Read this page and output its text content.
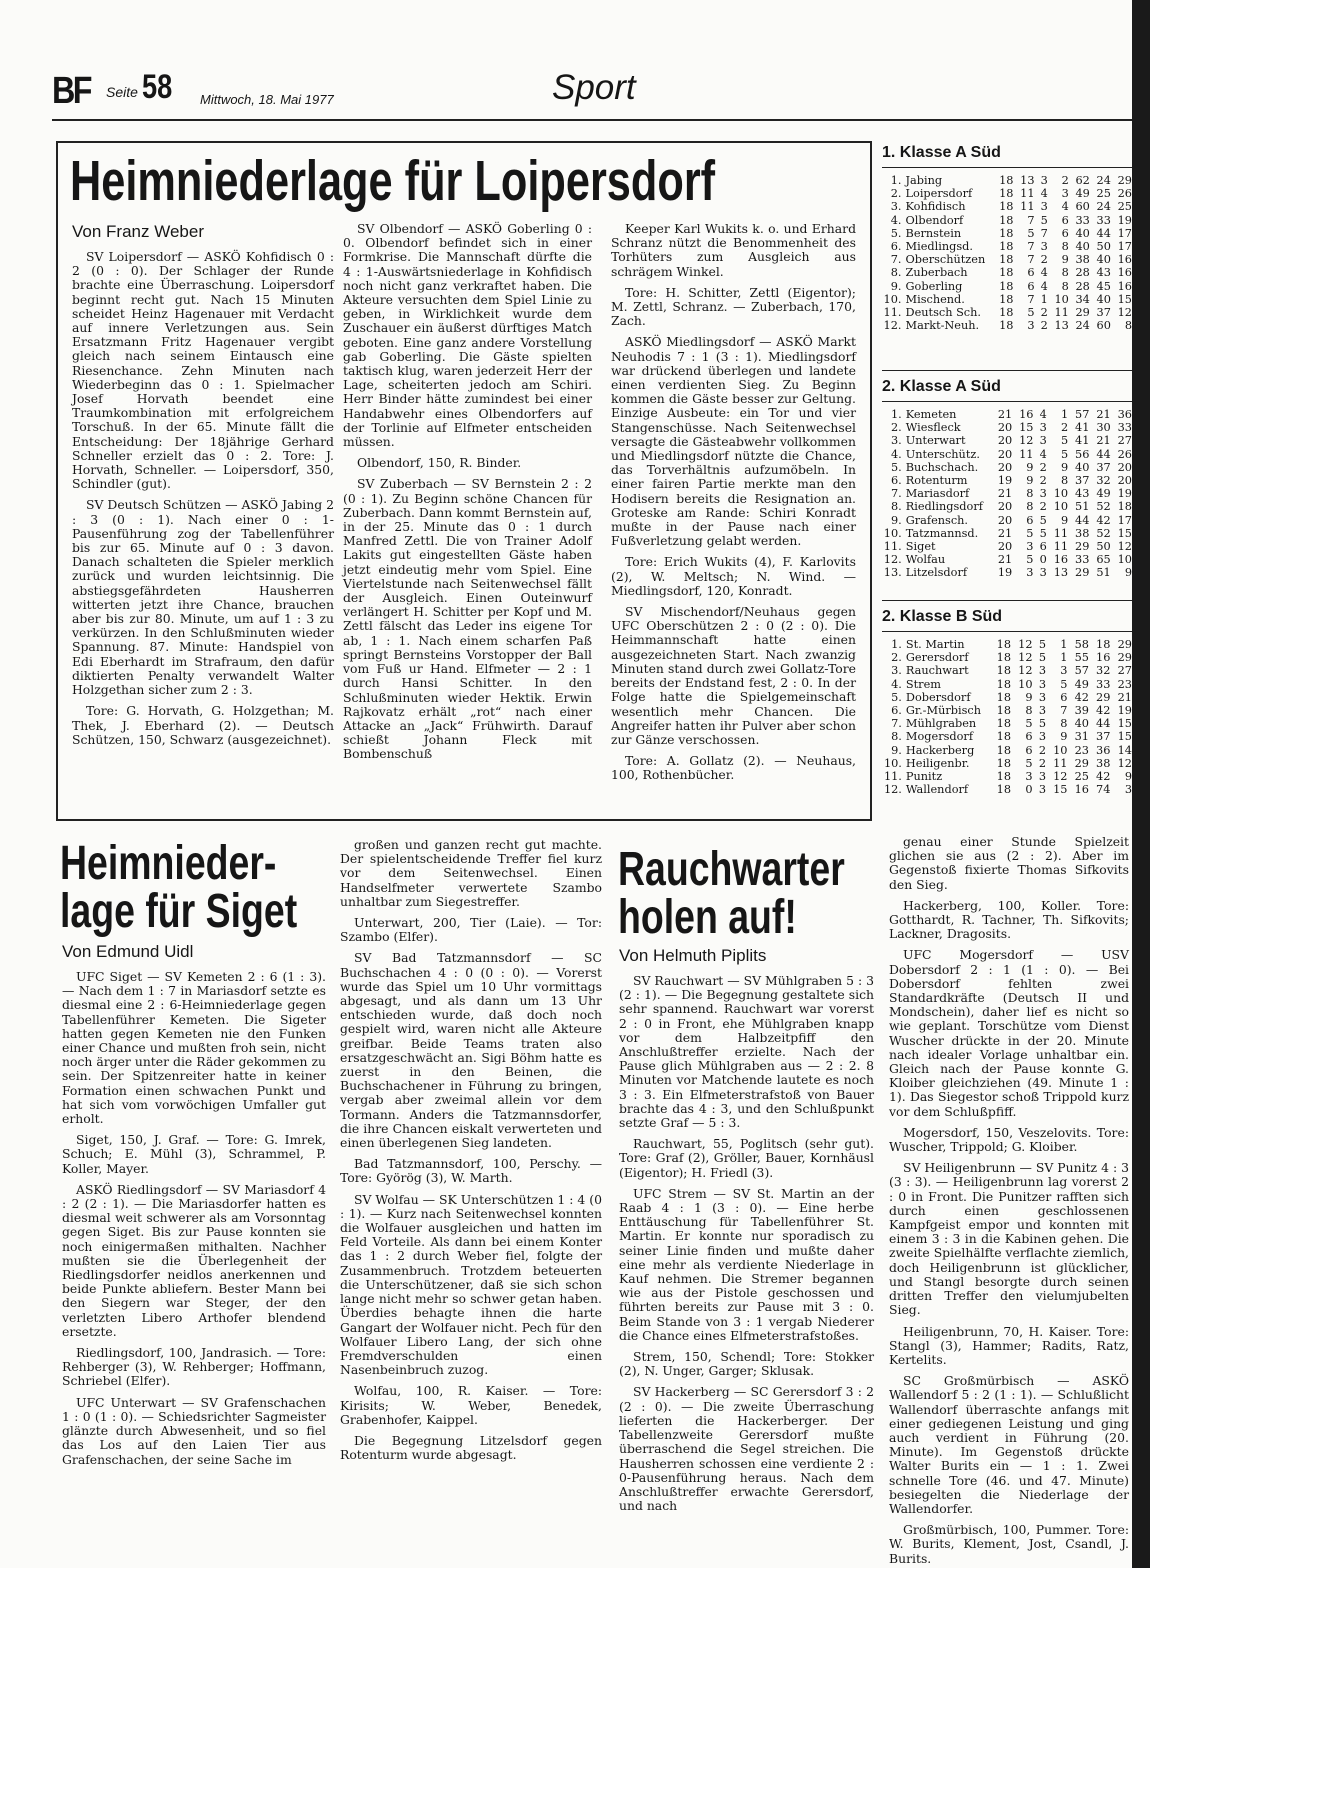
BF Seite 58 Mittwoch, 18. Mai 1977	Sport
Heimniederlage für Loipersdorf
Von Franz Weber

SV Loipersdorf — ASKÖ Kohfidisch 0 : 2 (0 : 0). Der Schlager der Runde brachte eine Überraschung. Loipersdorf beginnt recht gut. Nach 15 Minuten scheidet Heinz Hagenauer mit Verdacht auf innere Verletzungen aus. Sein Ersatzmann Fritz Hagenauer vergibt gleich nach seinem Eintausch eine Riesenchance. Zehn Minuten nach Wiederbeginn das 0 : 1. Spielmacher Josef Horvath beendet eine Traumkombination mit erfolgreichem Torschuß. In der 65. Minute fällt die Entscheidung: Der 18jährige Gerhard Schneller erzielt das 0 : 2. Tore: J. Horvath, Schneller. — Loipersdorf, 350, Schindler (gut).

SV Deutsch Schützen — ASKÖ Jabing 2 : 3 (0 : 1). Nach einer 0 : 1-Pausenführung zog der Tabellenführer bis zur 65. Minute auf 0 : 3 davon. Danach schalteten die Spieler merklich zurück und wurden leichtsinnig. Die abstiegsgefährdeten Hausherren witterten jetzt ihre Chance, brauchen aber bis zur 80. Minute, um auf 1 : 3 zu verkürzen. In den Schlußminuten wieder Spannung. 87. Minute: Handspiel von Edi Eberhardt im Strafraum, den dafür diktierten Penalty verwandelt Walter Holzgethan sicher zum 2 : 3.

Tore: G. Horvath, G. Holzgethan; M. Thek, J. Eberhard (2). — Deutsch Schützen, 150, Schwarz (ausgezeichnet).

SV Olbendorf — ASKÖ Goberling 0 : 0. Olbendorf befindet sich in einer Formkrise. Die Mannschaft dürfte die 4 : 1-Auswärtsniederlage in Kohfidisch noch nicht ganz verkraftet haben. Die Akteure versuchten dem Spiel Linie zu geben, in Wirklichkeit wurde dem Zuschauer ein äußerst dürftiges Match geboten. Eine ganz andere Vorstellung gab Goberling. Die Gäste spielten taktisch klug, waren jederzeit Herr der Lage, scheiterten jedoch am Schiri. Herr Binder hätte zumindest bei einer Handabwehr eines Olbendorfers auf der Torlinie auf Elfmeter entscheiden müssen.

Olbendorf, 150, R. Binder.

SV Zuberbach — SV Bernstein 2 : 2 (0 : 1). Zu Beginn schöne Chancen für Zuberbach. Dann kommt Bernstein auf, in der 25. Minute das 0 : 1 durch Manfred Zettl. Die von Trainer Adolf Lakits gut eingestellten Gäste haben jetzt eindeutig mehr vom Spiel. Eine Viertelstunde nach Seitenwechsel fällt der Ausgleich. Einen Outeinwurf verlängert H. Schitter per Kopf und M. Zettl fälscht das Leder ins eigene Tor ab, 1 : 1. Nach einem scharfen Paß springt Bernsteins Vorstopper der Ball vom Fuß ur Hand. Elfmeter — 2 : 1 durch Hansi Schitter. In den Schlußminuten wieder Hektik. Erwin Rajkovatz erhält „rot“ nach einer Attacke an „Jack“ Frühwirth. Darauf schießt Johann Fleck mit Bombenschuß

Keeper Karl Wukits k. o. und Erhard Schranz nützt die Benommenheit des Torhüters zum Ausgleich aus schrägem Winkel.

Tore: H. Schitter, Zettl (Eigentor); M. Zettl, Schranz. — Zuberbach, 170, Zach.

ASKÖ Miedlingsdorf — ASKÖ Markt Neuhodis 7 : 1 (3 : 1). Miedlingsdorf war drückend überlegen und landete einen verdienten Sieg. Zu Beginn kommen die Gäste besser zur Geltung. Einzige Ausbeute: ein Tor und vier Stangenschüsse. Nach Seitenwechsel versagte die Gästeabwehr vollkommen und Miedlingsdorf nützte die Chance, das Torverhältnis aufzumöbeln. In einer fairen Partie merkte man den Hodisern bereits die Resignation an. Groteske am Rande: Schiri Konradt mußte in der Pause nach einer Fußverletzung gelabt werden.

Tore: Erich Wukits (4), F. Karlovits (2), W. Meltsch; N. Wind. — Miedlingsdorf, 120, Konradt.

SV Mischendorf/Neuhaus gegen UFC Oberschützen 2 : 0 (2 : 0). Die Heimmannschaft hatte einen ausgezeichneten Start. Nach zwanzig Minuten stand durch zwei Gollatz-Tore bereits der Endstand fest, 2 : 0. In der Folge hatte die Spielgemeinschaft wesentlich mehr Chancen. Die Angreifer hatten ihr Pulver aber schon zur Gänze verschossen.

Tore: A. Gollatz (2). — Neuhaus, 100, Rothenbücher.

Heimnieder-
lage für Siget
Von Edmund Uidl

UFC Siget — SV Kemeten 2 : 6 (1 : 3). — Nach dem 1 : 7 in Mariasdorf setzte es diesmal eine 2 : 6-Heimniederlage gegen Tabellenführer Kemeten. Die Sigeter hatten gegen Kemeten nie den Funken einer Chance und mußten froh sein, nicht noch ärger unter die Räder gekommen zu sein. Der Spitzenreiter hatte in keiner Formation einen schwachen Punkt und hat sich vom vorwöchigen Umfaller gut erholt.

Siget, 150, J. Graf. — Tore: G. Imrek, Schuch; E. Mühl (3), Schrammel, P. Koller, Mayer.

ASKÖ Riedlingsdorf — SV Mariasdorf 4 : 2 (2 : 1). — Die Mariasdorfer hatten es diesmal weit schwerer als am Vorsonntag gegen Siget. Bis zur Pause konnten sie noch einigermaßen mithalten. Nachher mußten sie die Überlegenheit der Riedlingsdorfer neidlos anerkennen und beide Punkte abliefern. Bester Mann bei den Siegern war Steger, der den verletzten Libero Arthofer blendend ersetzte.

Riedlingsdorf, 100, Jandrasich. — Tore: Rehberger (3), W. Rehberger; Hoffmann, Schriebel (Elfer).

UFC Unterwart — SV Grafenschachen 1 : 0 (1 : 0). — Schiedsrichter Sagmeister glänzte durch Abwesenheit, und so fiel das Los auf den Laien Tier aus Grafenschachen, der seine Sache im

großen und ganzen recht gut machte. Der spielentscheidende Treffer fiel kurz vor dem Seitenwechsel. Einen Handselfmeter verwertete Szambo unhaltbar zum Siegestreffer.

Unterwart, 200, Tier (Laie). — Tor: Szambo (Elfer).

SV Bad Tatzmannsdorf — SC Buchschachen 4 : 0 (0 : 0). — Vorerst wurde das Spiel um 10 Uhr vormittags abgesagt, und als dann um 13 Uhr entschieden wurde, daß doch noch gespielt wird, waren nicht alle Akteure greifbar. Beide Teams traten also ersatzgeschwächt an. Sigi Böhm hatte es zuerst in den Beinen, die Buchschachener in Führung zu bringen, vergab aber zweimal allein vor dem Tormann. Anders die Tatzmannsdorfer, die ihre Chancen eiskalt verwerteten und einen überlegenen Sieg landeten.

Bad Tatzmannsdorf, 100, Perschy. — Tore: Györög (3), W. Marth.

SV Wolfau — SK Unterschützen 1 : 4 (0 : 1). — Kurz nach Seitenwechsel konnten die Wolfauer ausgleichen und hatten im Feld Vorteile. Als dann bei einem Konter das 1 : 2 durch Weber fiel, folgte der Zusammenbruch. Trotzdem beteuerten die Unterschützener, daß sie sich schon lange nicht mehr so schwer getan haben. Überdies behagte ihnen die harte Gangart der Wolfauer nicht. Pech für den Wolfauer Libero Lang, der sich ohne Fremdverschulden einen Nasenbeinbruch zuzog.

Wolfau, 100, R. Kaiser. — Tore: Kirisits; W. Weber, Benedek, Grabenhofer, Kaippel.

Die Begegnung Litzelsdorf gegen Rotenturm wurde abgesagt.

Rauchwarter
holen auf!
Von Helmuth Piplits

SV Rauchwart — SV Mühlgraben 5 : 3 (2 : 1). — Die Begegnung gestaltete sich sehr spannend. Rauchwart war vorerst 2 : 0 in Front, ehe Mühlgraben knapp vor dem Halbzeitpfiff den Anschlußtreffer erzielte. Nach der Pause glich Mühlgraben aus — 2 : 2. 8 Minuten vor Matchende lautete es noch 3 : 3. Ein Elfmeterstrafstoß von Bauer brachte das 4 : 3, und den Schlußpunkt setzte Graf — 5 : 3.

Rauchwart, 55, Poglitsch (sehr gut). Tore: Graf (2), Gröller, Bauer, Kornhäusl (Eigentor); H. Friedl (3).

UFC Strem — SV St. Martin an der Raab 4 : 1 (3 : 0). — Eine herbe Enttäuschung für Tabellenführer St. Martin. Er konnte nur sporadisch zu seiner Linie finden und mußte daher eine mehr als verdiente Niederlage in Kauf nehmen. Die Stremer begannen wie aus der Pistole geschossen und führten bereits zur Pause mit 3 : 0. Beim Stande von 3 : 1 vergab Niederer die Chance eines Elfmeterstrafstoßes.

Strem, 150, Schendl; Tore: Stokker (2), N. Unger, Garger; Sklusak.

SV Hackerberg — SC Gerersdorf 3 : 2 (2 : 0). — Die zweite Überraschung lieferten die Hackerberger. Der Tabellenzweite Gerersdorf mußte überraschend die Segel streichen. Die Hausherren schossen eine verdiente 2 : 0-Pausenführung heraus. Nach dem Anschlußtreffer erwachte Gerersdorf, und nach

genau einer Stunde Spielzeit glichen sie aus (2 : 2). Aber im Gegenstoß fixierte Thomas Sifkovits den Sieg.

Hackerberg, 100, Koller. Tore: Gotthardt, R. Tachner, Th. Sifkovits; Lackner, Dragosits.

UFC Mogersdorf — USV Dobersdorf 2 : 1 (1 : 0). — Bei Dobersdorf fehlten zwei Standardkräfte (Deutsch II und Mondschein), daher lief es nicht so wie geplant. Torschütze vom Dienst Wuscher drückte in der 20. Minute nach idealer Vorlage unhaltbar ein. Gleich nach der Pause konnte G. Kloiber gleichziehen (49. Minute 1 : 1). Das Siegestor schoß Trippold kurz vor dem Schlußpfiff.

Mogersdorf, 150, Veszelovits. Tore: Wuscher, Trippold; G. Kloiber.

SV Heiligenbrunn — SV Punitz 4 : 3 (3 : 3). — Heiligenbrunn lag vorerst 2 : 0 in Front. Die Punitzer rafften sich durch einen geschlossenen Kampfgeist empor und konnten mit einem 3 : 3 in die Kabinen gehen. Die zweite Spielhälfte verflachte ziemlich, doch Heiligenbrunn ist glücklicher, und Stangl besorgte durch seinen dritten Treffer den vielumjubelten Sieg.

Heiligenbrunn, 70, H. Kaiser. Tore: Stangl (3), Hammer; Radits, Ratz, Kertelits.

SC Großmürbisch — ASKÖ Wallendorf 5 : 2 (1 : 1). — Schlußlicht Wallendorf überraschte anfangs mit einer gediegenen Leistung und ging auch verdient in Führung (20. Minute). Im Gegenstoß drückte Walter Burits ein — 1 : 1. Zwei schnelle Tore (46. und 47. Minute) besiegelten die Niederlage der Wallendorfer.

Großmürbisch, 100, Pummer. Tore: W. Burits, Klement, Jost, Csandl, J. Burits.

1. Klasse A Süd
1.	Jabing	18	13	3	2	62	24	29
2.	Loipersdorf	18	11	4	3	49	25	26
3.	Kohfidisch	18	11	3	4	60	24	25
4.	Olbendorf	18	7	5	6	33	33	19
5.	Bernstein	18	5	7	6	40	44	17
6.	Miedlingsd.	18	7	3	8	40	50	17
7.	Oberschützen	18	7	2	9	38	40	16
8.	Zuberbach	18	6	4	8	28	43	16
9.	Goberling	18	6	4	8	28	45	16
10.	Mischend.	18	7	1	10	34	40	15
11.	Deutsch Sch.	18	5	2	11	29	37	12
12.	Markt-Neuh.	18	3	2	13	24	60	8
2. Klasse A Süd
1.	Kemeten	21	16	4	1	57	21	36
2.	Wiesfleck	20	15	3	2	41	30	33
3.	Unterwart	20	12	3	5	41	21	27
4.	Unterschütz.	20	11	4	5	56	44	26
5.	Buchschach.	20	9	2	9	40	37	20
6.	Rotenturm	19	9	2	8	37	32	20
7.	Mariasdorf	21	8	3	10	43	49	19
8.	Riedlingsdorf	20	8	2	10	51	52	18
9.	Grafensch.	20	6	5	9	44	42	17
10.	Tatzmannsd.	21	5	5	11	38	52	15
11.	Siget	20	3	6	11	29	50	12
12.	Wolfau	21	5	0	16	33	65	10
13.	Litzelsdorf	19	3	3	13	29	51	9
2. Klasse B Süd
1.	St. Martin	18	12	5	1	58	18	29
2.	Gerersdorf	18	12	5	1	55	16	29
3.	Rauchwart	18	12	3	3	57	32	27
4.	Strem	18	10	3	5	49	33	23
5.	Dobersdorf	18	9	3	6	42	29	21
6.	Gr.-Mürbisch	18	8	3	7	39	42	19
7.	Mühlgraben	18	5	5	8	40	44	15
8.	Mogersdorf	18	6	3	9	31	37	15
9.	Hackerberg	18	6	2	10	23	36	14
10.	Heiligenbr.	18	5	2	11	29	38	12
11.	Punitz	18	3	3	12	25	42	9
12.	Wallendorf	18	0	3	15	16	74	3
